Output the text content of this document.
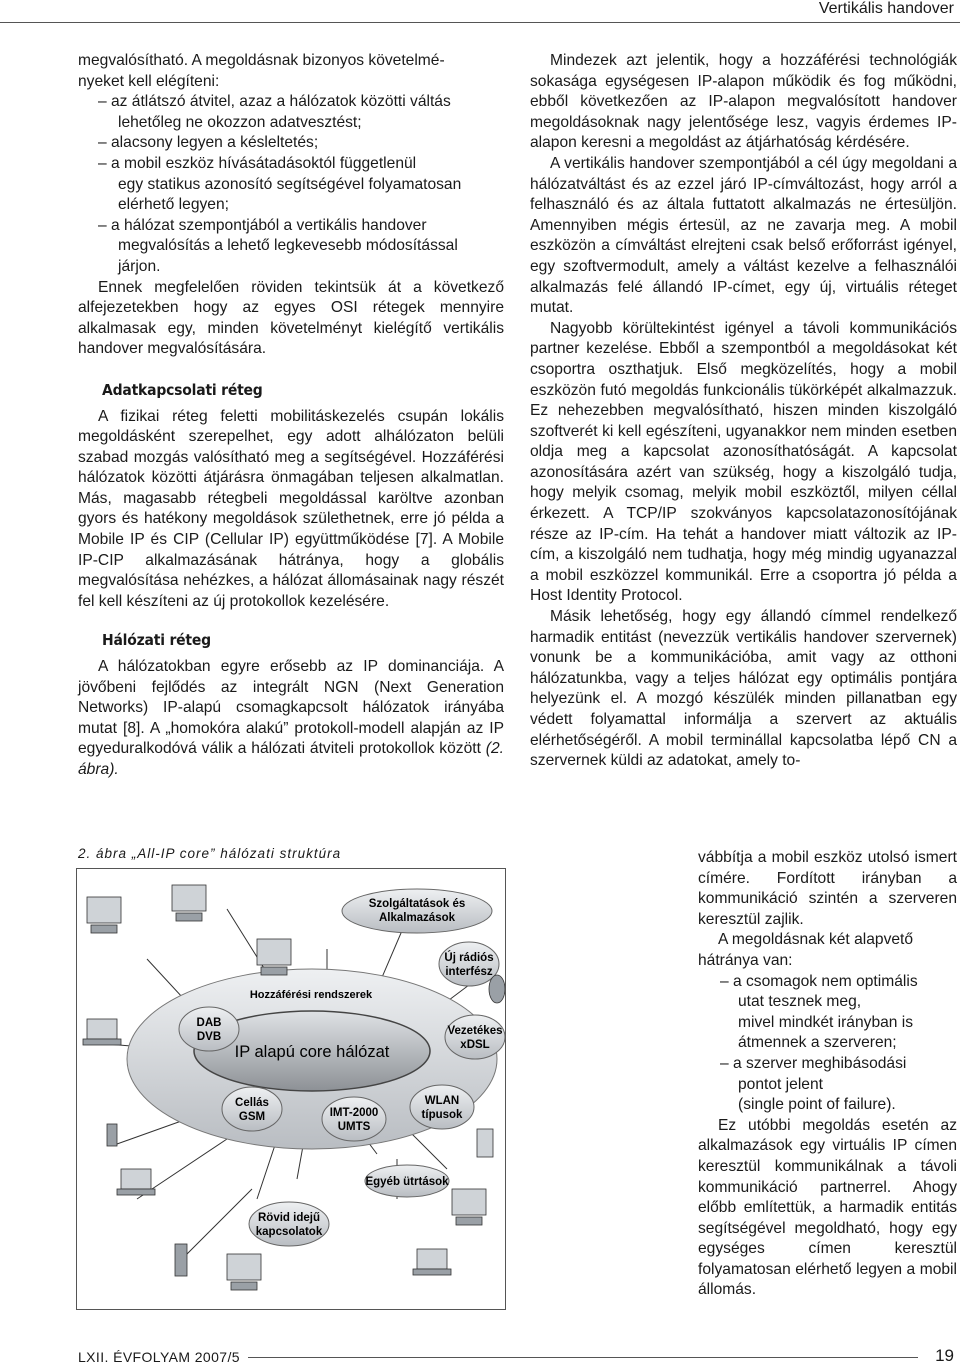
Vertikális handover

megvalósítható. A megoldásnak bizonyos követelmé-
nyeket kell elégíteni:

– az átlátszó átvitel, azaz a hálózatok közötti váltás
lehetőleg ne okozzon adatvesztést;

– alacsony legyen a késleltetés;

– a mobil eszköz hívásátadásoktól függetlenül
egy statikus azonosító segítségével folyamatosan
elérhető legyen;

– a hálózat szempontjából a vertikális handover
megvalósítás a lehető legkevesebb módosítással
járjon.

Ennek megfelelően röviden tekintsük át a következő alfejezetekben hogy az egyes OSI rétegek mennyire alkalmasak egy, minden követelményt kielégítő vertikális handover megvalósítására.

Adatkapcsolati réteg

A fizikai réteg feletti mobilitáskezelés csupán lokális megoldásként szerepelhet, egy adott alhálózaton belüli szabad mozgás valósítható meg a segítségével. Hozzáférési hálózatok közötti átjárásra önmagában teljesen alkalmatlan. Más, magasabb rétegbeli megoldással karöltve azonban gyors és hatékony megoldások születhetnek, erre jó példa a Mobile IP és CIP (Cellular IP) együttműködése [7]. A Mobile IP-CIP alkalmazásának hátránya, hogy a globális megvalósítása nehézkes, a hálózat állomásainak nagy részét fel kell készíteni az új protokollok kezelésére.

Hálózati réteg

A hálózatokban egyre erősebb az IP dominanciája. A jövőbeni fejlődés az integrált NGN (Next Generation Networks) IP-alapú csomagkapcsolt hálózatok irányába mutat [8]. A „homokóra alakú” protokoll-modell alapján az IP egyeduralkodóvá válik a hálózati átviteli protokollok között (2. ábra).

2. ábra „All-IP core” hálózati struktúra
Szolgáltatások és
Alkalmazások
Hozzáférési rendszerek
IP alapú core hálózat
DAB
DVB
Cellás
GSM	IMT-2000
UMTS
WLAN
típusok
Rövid idejű
kapcsolatok
Új rádiós
interfész
Vezetékes
xDSL
Egyéb ütrtások

Mindezek azt jelentik, hogy a hozzáférési technológiák sokasága egységesen IP-alapon működik és fog működni, ebből következően az IP-alapon megvalósított handover megoldásoknak nagy jelentősége lesz, vagyis érdemes IP-alapon keresni a megoldást az átjárhatóság kérdésére.

A vertikális handover szempontjából a cél úgy megoldani a hálózatváltást és az ezzel járó IP-címváltozást, hogy arról a felhasználó és az általa futtatott alkalmazás ne értesüljön. Amennyiben mégis értesül, az ne zavarja meg. A mobil eszközön a címváltást elrejteni csak belső erőforrást igényel, egy szoftvermodult, amely a váltást kezelve a felhasználói alkalmazás felé állandó IP-címet, egy új, virtuális réteget mutat.

Nagyobb körültekintést igényel a távoli kommunikációs partner kezelése. Ebből a szempontból a megoldásokat két csoportra oszthatjuk. Első megközelítés, hogy a mobil eszközön futó megoldás funkcionális tükörképét alkalmazzuk. Ez nehezebben megvalósítható, hiszen minden kiszolgáló szoftverét ki kell egészíteni, ugyanakkor nem minden esetben oldja meg a kapcsolat azonosíthatóságát. A kapcsolat azonosítására azért van szükség, hogy a kiszolgáló tudja, hogy melyik csomag, melyik mobil eszköztől, milyen céllal érkezett. A TCP/IP szokványos kapcsolatazonosítójának része az IP-cím. Ha tehát a handover miatt változik az IP-cím, a kiszolgáló nem tudhatja, hogy még mindig ugyanazzal a mobil eszközzel kommunikál. Erre a csoportra jó példa a Host Identity Protocol.

Másik lehetőség, hogy egy állandó címmel rendelkező harmadik entitást (nevezzük vertikális handover szervernek) vonunk be a kommunikációba, amit vagy az otthoni hálózatunkba, vagy a teljes hálózat egy optimális pontjára helyezünk el. A mozgó készülék minden pillanatban egy védett folyamattal informálja a szervert az aktuális elérhetőségéről. A mobil terminállal kapcsolatba lépő CN a szervernek küldi az adatokat, amely to-

vábbítja a mobil eszköz utolsó ismert címére. Fordított irányban a kommunikáció szintén a szerveren keresztül zajlik.

A megoldásnak két alapvető hátránya van:

– a csomagok nem optimális
utat tesznek meg,
mivel mindkét irányban is
átmennek a szerveren;

– a szerver meghibásodási
pontot jelent
(single point of failure).

Ez utóbbi megoldás esetén az alkalmazások egy virtuális IP címen keresztül kommunikálnak a távoli kommunikáció partnerrel. Ahogy előbb említettük, a harmadik entitás segítségével megoldható, hogy egy egységes címen keresztül folyamatosan elérhető legyen a mobil állomás.

LXII. ÉVFOLYAM 2007/5	19
